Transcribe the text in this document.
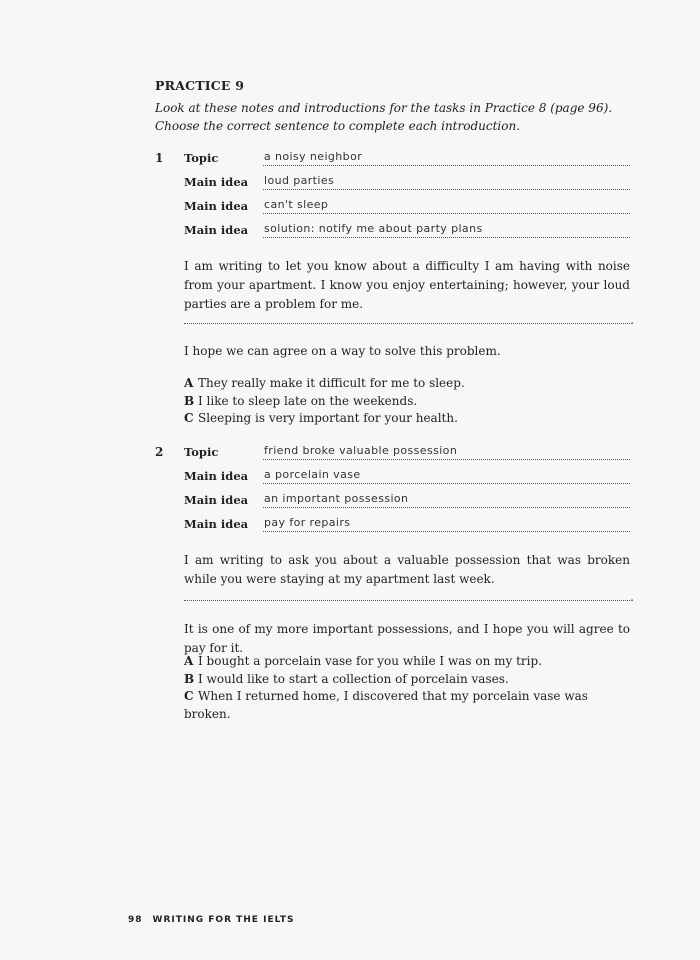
PRACTICE 9
Look at these notes and introductions for the tasks in Practice 8 (page 96). Choose the correct sentence to complete each introduction.
1 Topic	a noisy neighbor
Main idea loud parties
Main idea can't sleep
Main idea solution: notify me about party plans
I am writing to let you know about a difficulty I am having with noise from your apartment. I know you enjoy entertaining; however, your loud parties are a problem for me.
.
I hope we can agree on a way to solve this problem.
A They really make it difficult for me to sleep.
B I like to sleep late on the weekends.
C Sleeping is very important for your health.
2 Topic	friend broke valuable possession
Main idea a porcelain vase
Main idea an important possession
Main idea pay for repairs
I am writing to ask you about a valuable possession that was broken while you were staying at my apartment last week.
.
It is one of my more important possessions, and I hope you will agree to pay for it.
A I bought a porcelain vase for you while I was on my trip.
B I would like to start a collection of porcelain vases.
C When I returned home, I discovered that my porcelain vase was broken.
98 WRITING FOR THE IELTS
